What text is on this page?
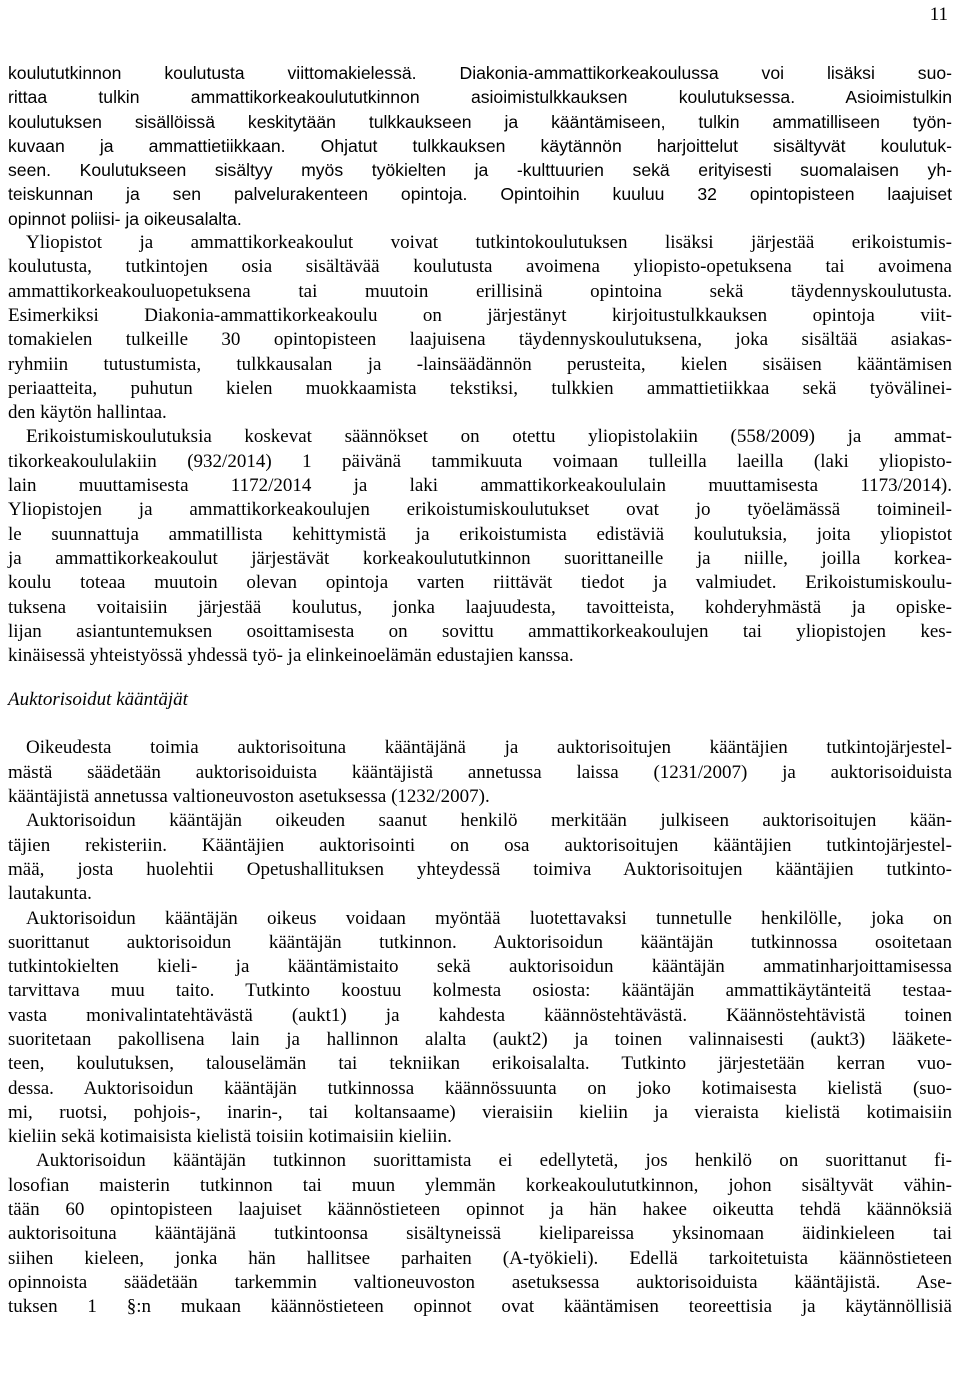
11
koulututkinnon koulutusta viittomakielessä. Diakonia-ammattikorkeakoulussa voi lisäksi suo-
rittaa tulkin ammattikorkeakoulututkinnon asioimistulkkauksen koulutuksessa. Asioimistulkin
koulutuksen sisällöissä keskitytään tulkkaukseen ja kääntämiseen, tulkin ammatilliseen työn-
kuvaan ja ammattietiikkaan. Ohjatut tulkkauksen käytännön harjoittelut sisältyvät koulutuk-
seen. Koulutukseen sisältyy myös työkielten ja -kulttuurien sekä erityisesti suomalaisen yh-
teiskunnan ja sen palvelurakenteen opintoja. Opintoihin kuuluu 32 opintopisteen laajuiset
opinnot poliisi- ja oikeusalalta.
Yliopistot ja ammattikorkeakoulut voivat tutkintokoulutuksen lisäksi järjestää erikoistumis-
koulutusta, tutkintojen osia sisältävää koulutusta avoimena yliopisto-opetuksena tai avoimena
ammattikorkeakouluopetuksena tai muutoin erillisinä opintoina sekä täydennyskoulutusta.
Esimerkiksi Diakonia-ammattikorkeakoulu on järjestänyt kirjoitustulkkauksen opintoja viit-
tomakielen tulkeille 30 opintopisteen laajuisena täydennyskoulutuksena, joka sisältää asiakas-
ryhmiin tutustumista, tulkkausalan ja -lainsäädännön perusteita, kielen sisäisen kääntämisen
periaatteita, puhutun kielen muokkaamista tekstiksi, tulkkien ammattietiikkaa sekä työvälinei-
den käytön hallintaa.
Erikoistumiskoulutuksia koskevat säännökset on otettu yliopistolakiin (558/2009) ja ammat-
tikorkeakoululakiin (932/2014) 1 päivänä tammikuuta voimaan tulleilla laeilla (laki yliopisto-
lain muuttamisesta 1172/2014 ja laki ammattikorkeakoululain muuttamisesta 1173/2014).
Yliopistojen ja ammattikorkeakoulujen erikoistumiskoulutukset ovat jo työelämässä toimineil-
le suunnattuja ammatillista kehittymistä ja erikoistumista edistäviä koulutuksia, joita yliopistot
ja ammattikorkeakoulut järjestävät korkeakoulututkinnon suorittaneille ja niille, joilla korkea-
koulu toteaa muutoin olevan opintoja varten riittävät tiedot ja valmiudet. Erikoistumiskoulu-
tuksena voitaisiin järjestää koulutus, jonka laajuudesta, tavoitteista, kohderyhmästä ja opiske-
lijan asiantuntemuksen osoittamisesta on sovittu ammattikorkeakoulujen tai yliopistojen kes-
kinäisessä yhteistyössä yhdessä työ- ja elinkeinoelämän edustajien kanssa.
Auktorisoidut kääntäjät
Oikeudesta toimia auktorisoituna kääntäjänä ja auktorisoitujen kääntäjien tutkintojärjestel-
mästä säädetään auktorisoiduista kääntäjistä annetussa laissa (1231/2007) ja auktorisoiduista
kääntäjistä annetussa valtioneuvoston asetuksessa (1232/2007).
Auktorisoidun kääntäjän oikeuden saanut henkilö merkitään julkiseen auktorisoitujen kään-
täjien rekisteriin. Kääntäjien auktorisointi on osa auktorisoitujen kääntäjien tutkintojärjestel-
mää, josta huolehtii Opetushallituksen yhteydessä toimiva Auktorisoitujen kääntäjien tutkinto-
lautakunta.
Auktorisoidun kääntäjän oikeus voidaan myöntää luotettavaksi tunnetulle henkilölle, joka on
suorittanut auktorisoidun kääntäjän tutkinnon. Auktorisoidun kääntäjän tutkinnossa osoitetaan
tutkintokielten kieli- ja kääntämistaito sekä auktorisoidun kääntäjän ammatinharjoittamisessa
tarvittava muu taito. Tutkinto koostuu kolmesta osiosta: kääntäjän ammattikäytänteitä testaa-
vasta monivalintatehtävästä (aukt1) ja kahdesta käännöstehtävästä. Käännöstehtävistä toinen
suoritetaan pakollisena lain ja hallinnon alalta (aukt2) ja toinen valinnaisesti (aukt3) lääkete-
teen, koulutuksen, talouselämän tai tekniikan erikoisalalta. Tutkinto järjestetään kerran vuo-
dessa. Auktorisoidun kääntäjän tutkinnossa käännössuunta on joko kotimaisesta kielistä (suo-
mi, ruotsi, pohjois-, inarin-, tai koltansaame) vieraisiin kieliin ja vieraista kielistä kotimaisiin
kieliin sekä kotimaisista kielistä toisiin kotimaisiin kieliin.
Auktorisoidun kääntäjän tutkinnon suorittamista ei edellytetä, jos henkilö on suorittanut fi-
losofian maisterin tutkinnon tai muun ylemmän korkeakoulututkinnon, johon sisältyvät vähin-
tään 60 opintopisteen laajuiset käännöstieteen opinnot ja hän hakee oikeutta tehdä käännöksiä
auktorisoituna kääntäjänä tutkintoonsa sisältyneissä kielipareissa yksinomaan äidinkieleen tai
siihen kieleen, jonka hän hallitsee parhaiten (A-työkieli). Edellä tarkoitetuista käännöstieteen
opinnoista säädetään tarkemmin valtioneuvoston asetuksessa auktorisoiduista kääntäjistä. Ase-
tuksen 1 §:n mukaan käännöstieteen opinnot ovat kääntämisen teoreettisia ja käytännöllisiä
